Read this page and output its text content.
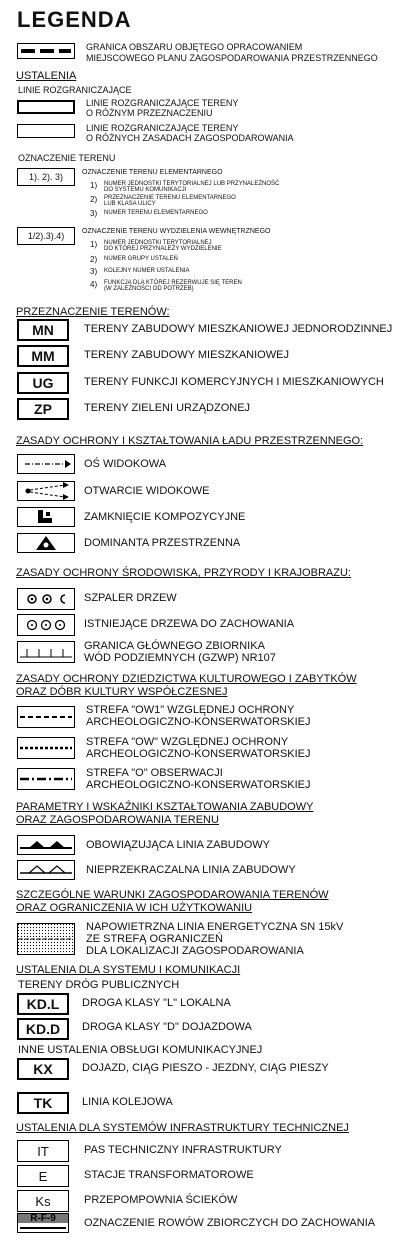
LEGENDA
GRANICA OBSZARU OBJĘTEGO OPRACOWANIEM
MIEJSCOWEGO PLANU ZAGOSPODAROWANIA PRZESTRZENNEGO
USTALENIA
LINIE ROZGRANICZAJĄCE
LINIE ROZGRANICZAJĄCE TERENY
O RÓŻNYM PRZEZNACZENIU
LINIE ROZGRANICZAJĄCE TERENY
O RÓŻNYCH ZASADACH ZAGOSPODAROWANIA
OZNACZENIE TERENU
1). 2). 3)	OZNACZENIE TERENU ELEMENTARNEGO
1) NUMER JEDNOSTKI TERYTORIALNEJ LUB PRZYNALEŻNOŚĆ
DO SYSTEMU KOMUNIKACJI
2) PRZEZNACZENIE TERENU ELEMENTARNEGO
LUB KLASA ULICY
3) NUMER TERENU ELEMENTARNEGO
1/2).3).4)	OZNACZENIE TERENU WYDZIELENIA WEWNĘTRZNEGO
1) NUMER JEDNOSTKI TERYTORIALNEJ
DO KTÓREJ PRZYNALEŻY WYDZIELENIE
2) NUMER GRUPY USTALEŃ
3) KOLEJNY NUMER USTALENIA
4) FUNKCJA DLA KTÓREJ REZERWUJE SIĘ TEREN
(W ZALEŻNOŚCI OD POTRZEB)
PRZEZNACZENIE TERENÓW:
MN	TERENY ZABUDOWY MIESZKANIOWEJ JEDNORODZINNEJ
MM	TERENY ZABUDOWY MIESZKANIOWEJ
UG	TERENY FUNKCJI KOMERCYJNYCH I MIESZKANIOWYCH
ZP	TERENY ZIELENI URZĄDZONEJ
ZASADY OCHRONY I KSZTAŁTOWANIA ŁADU PRZESTRZENNEGO:
OŚ WIDOKOWA
OTWARCIE WIDOKOWE
ZAMKNIĘCIE KOMPOZYCYJNE
DOMINANTA PRZESTRZENNA
ZASADY OCHRONY ŚRODOWISKA, PRZYRODY I KRAJOBRAZU:
SZPALER DRZEW
ISTNIEJĄCE DRZEWA DO ZACHOWANIA
GRANICA GŁÓWNEGO ZBIORNIKA
WÓD PODZIEMNYCH (GZWP) NR107
ZASADY OCHRONY DZIEDZICTWA KULTUROWEGO I ZABYTKÓW
ORAZ DÓBR KULTURY WSPÓŁCZESNEJ
STREFA "OW1" WZGLĘDNEJ OCHRONY
ARCHEOLOGICZNO-KONSERWATORSKIEJ
STREFA "OW" WZGLĘDNEJ OCHRONY
ARCHEOLOGICZNO-KONSERWATORSKIEJ
STREFA "O" OBSERWACJI
ARCHEOLOGICZNO-KONSERWATORSKIEJ
PARAMETRY I WSKAŹNIKI KSZTAŁTOWANIA ZABUDOWY
ORAZ ZAGOSPODAROWANIA TERENU
OBOWIĄZUJĄCA LINIA ZABUDOWY
NIEPRZEKRACZALNA LINIA ZABUDOWY
SZCZEGÓLNE WARUNKI ZAGOSPODAROWANIA TERENÓW
ORAZ OGRANICZENIA W ICH UŻYTKOWANIU
NAPOWIETRZNA LINIA ENERGETYCZNA SN 15kV
ZE STREFĄ OGRANICZEŃ
DLA LOKALIZACJI ZAGOSPODAROWANIA
USTALENIA DLA SYSTEMU I KOMUNIKACJI
TERENY DRÓG PUBLICZNYCH
KD.L	DROGA KLASY "L" LOKALNA
KD.D	DROGA KLASY "D" DOJAZDOWA
INNE USTALENIA OBSŁUGI KOMUNIKACYJNEJ
KX	DOJAZD, CIĄG PIESZO - JEZDNY, CIĄG PIESZY
TK	LINIA KOLEJOWA
USTALENIA DLA SYSTEMÓW INFRASTRUKTURY TECHNICZNEJ
IT	PAS TECHNICZNY INFRASTRUKTURY
E	STACJE TRANSFORMATOROWE
Ks	PRZEPOMPOWNIA ŚCIEKÓW
R-F-9	OZNACZENIE ROWÓW ZBIORCZYCH DO ZACHOWANIA
